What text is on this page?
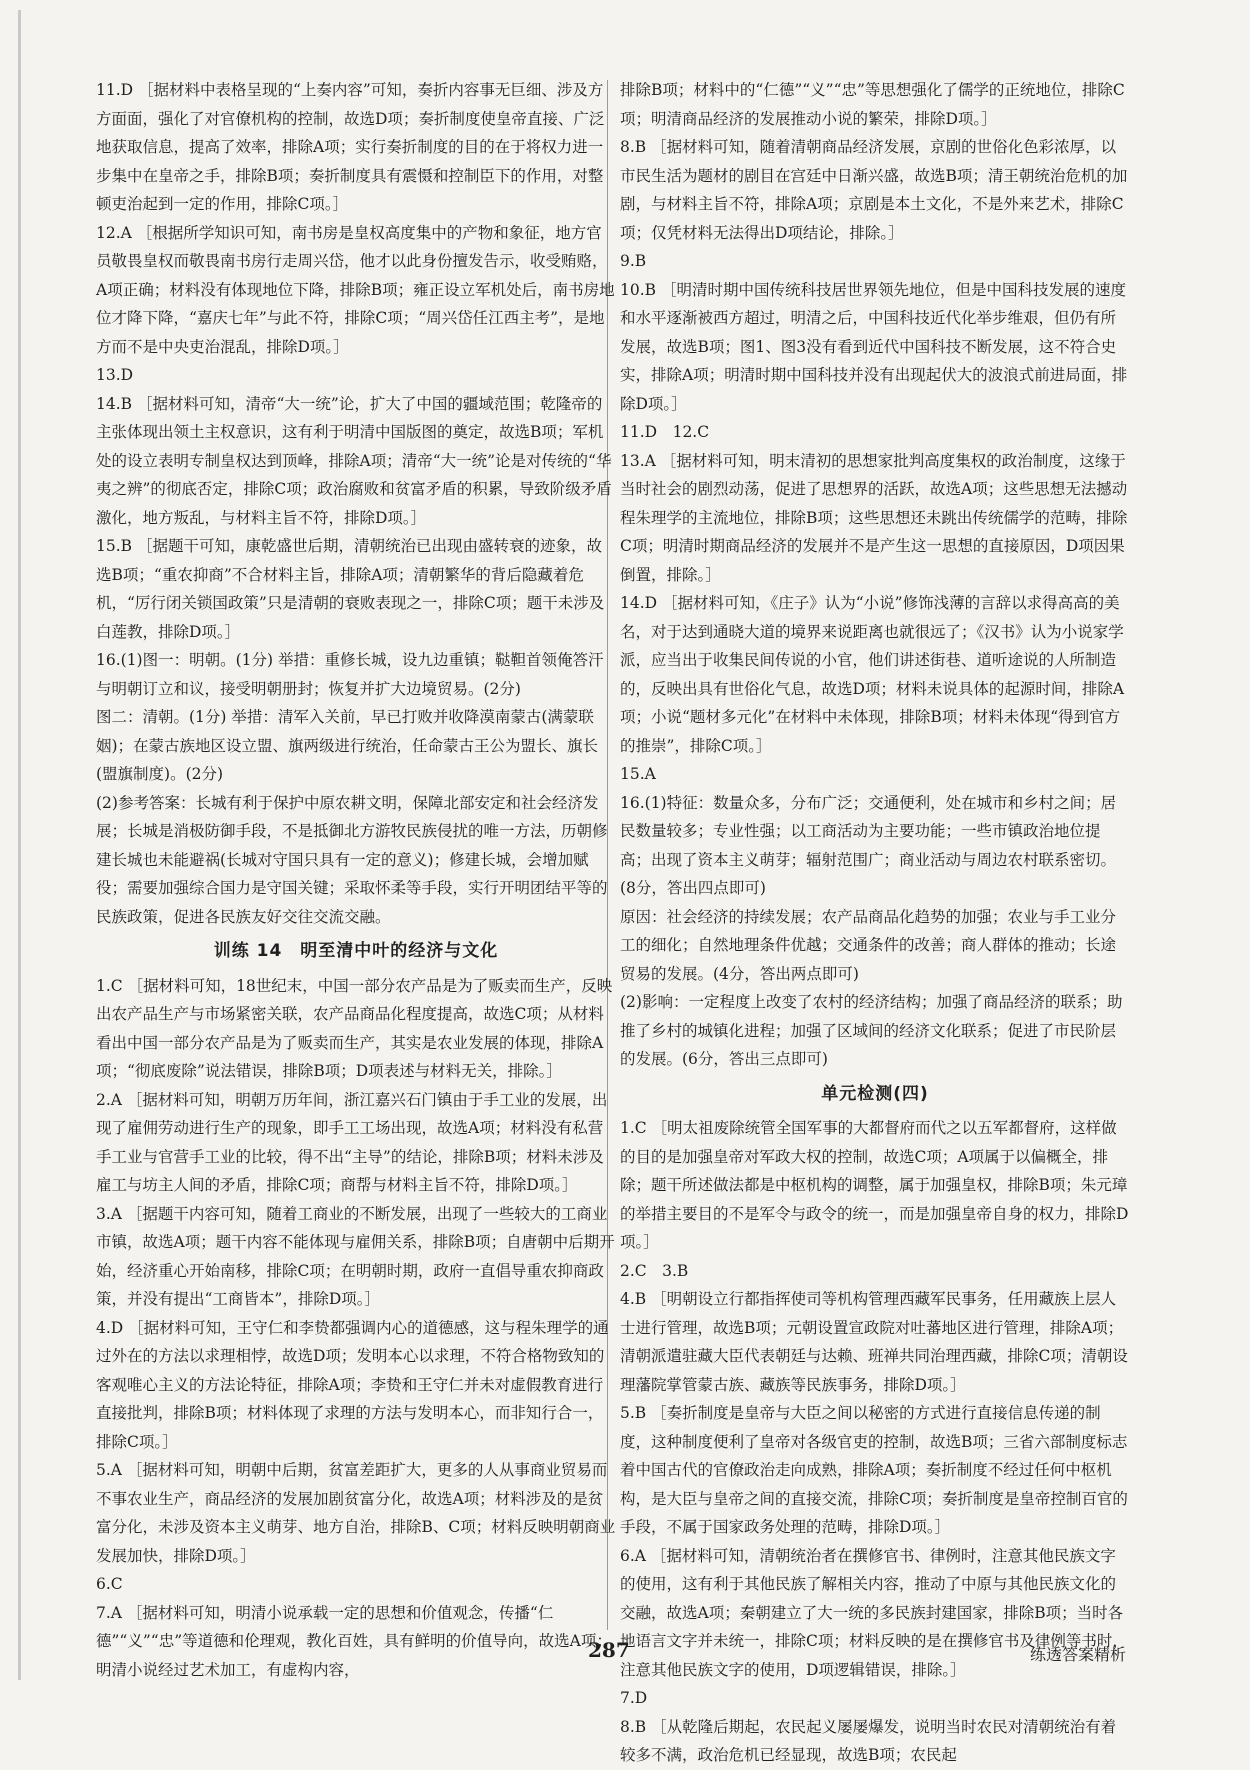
11.D ［据材料中表格呈现的“上奏内容”可知，奏折内容事无巨细、涉及方方面面，强化了对官僚机构的控制，故选D项；奏折制度使皇帝直接、广泛地获取信息，提高了效率，排除A项；实行奏折制度的目的在于将权力进一步集中在皇帝之手，排除B项；奏折制度具有震慑和控制臣下的作用，对整顿吏治起到一定的作用，排除C项。］
12.A ［根据所学知识可知，南书房是皇权高度集中的产物和象征，地方官员敬畏皇权而敬畏南书房行走周兴岱，他才以此身份擅发告示，收受贿赂，A项正确；材料没有体现地位下降，排除B项；雍正设立军机处后，南书房地位才降下降，“嘉庆七年”与此不符，排除C项；“周兴岱任江西主考”，是地方而不是中央吏治混乱，排除D项。］
13.D
14.B ［据材料可知，清帝“大一统”论，扩大了中国的疆域范围；乾隆帝的主张体现出领土主权意识，这有利于明清中国版图的奠定，故选B项；军机处的设立表明专制皇权达到顶峰，排除A项；清帝“大一统”论是对传统的“华夷之辨”的彻底否定，排除C项；政治腐败和贫富矛盾的积累，导致阶级矛盾激化，地方叛乱，与材料主旨不符，排除D项。］
15.B ［据题干可知，康乾盛世后期，清朝统治已出现由盛转衰的迹象，故选B项；“重农抑商”不合材料主旨，排除A项；清朝繁华的背后隐藏着危机，“厉行闭关锁国政策”只是清朝的衰败表现之一，排除C项；题干未涉及白莲教，排除D项。］
16.(1)图一：明朝。(1分) 举措：重修长城，设九边重镇；鞑靼首领俺答汗与明朝订立和议，接受明朝册封；恢复并扩大边境贸易。(2分)
图二：清朝。(1分) 举措：清军入关前，早已打败并收降漠南蒙古(满蒙联姻)；在蒙古族地区设立盟、旗两级进行统治，任命蒙古王公为盟长、旗长(盟旗制度)。(2分)
(2)参考答案：长城有利于保护中原农耕文明，保障北部安定和社会经济发展；长城是消极防御手段，不是抵御北方游牧民族侵扰的唯一方法，历朝修建长城也未能避祸(长城对守国只具有一定的意义)；修建长城，会增加赋役；需要加强综合国力是守国关键；采取怀柔等手段，实行开明团结平等的民族政策，促进各民族友好交往交流交融。
训练 14　明至清中叶的经济与文化
1.C ［据材料可知，18世纪末，中国一部分农产品是为了贩卖而生产，反映出农产品生产与市场紧密关联，农产品商品化程度提高，故选C项；从材料看出中国一部分农产品是为了贩卖而生产，其实是农业发展的体现，排除A项；“彻底废除”说法错误，排除B项；D项表述与材料无关，排除。］
2.A ［据材料可知，明朝万历年间，浙江嘉兴石门镇由于手工业的发展，出现了雇佣劳动进行生产的现象，即手工工场出现，故选A项；材料没有私营手工业与官营手工业的比较，得不出“主导”的结论，排除B项；材料未涉及雇工与坊主人间的矛盾，排除C项；商帮与材料主旨不符，排除D项。］
3.A ［据题干内容可知，随着工商业的不断发展，出现了一些较大的工商业市镇，故选A项；题干内容不能体现与雇佣关系，排除B项；自唐朝中后期开始，经济重心开始南移，排除C项；在明朝时期，政府一直倡导重农抑商政策，并没有提出“工商皆本”，排除D项。］
4.D ［据材料可知，王守仁和李贽都强调内心的道德感，这与程朱理学的通过外在的方法以求理相悖，故选D项；发明本心以求理，不符合格物致知的客观唯心主义的方法论特征，排除A项；李贽和王守仁并未对虚假教育进行直接批判，排除B项；材料体现了求理的方法与发明本心，而非知行合一，排除C项。］
5.A ［据材料可知，明朝中后期，贫富差距扩大，更多的人从事商业贸易而不事农业生产，商品经济的发展加剧贫富分化，故选A项；材料涉及的是贫富分化，未涉及资本主义萌芽、地方自治，排除B、C项；材料反映明朝商业发展加快，排除D项。］
6.C
7.A ［据材料可知，明清小说承载一定的思想和价值观念，传播“仁德”“义”“忠”等道德和伦理观，教化百姓，具有鲜明的价值导向，故选A项；明清小说经过艺术加工，有虚构内容，
排除B项；材料中的“仁德”“义”“忠”等思想强化了儒学的正统地位，排除C项；明清商品经济的发展推动小说的繁荣，排除D项。］
8.B ［据材料可知，随着清朝商品经济发展，京剧的世俗化色彩浓厚，以市民生活为题材的剧目在宫廷中日渐兴盛，故选B项；清王朝统治危机的加剧，与材料主旨不符，排除A项；京剧是本土文化，不是外来艺术，排除C项；仅凭材料无法得出D项结论，排除。］
9.B
10.B ［明清时期中国传统科技居世界领先地位，但是中国科技发展的速度和水平逐渐被西方超过，明清之后，中国科技近代化举步维艰，但仍有所发展，故选B项；图1、图3没有看到近代中国科技不断发展，这不符合史实，排除A项；明清时期中国科技并没有出现起伏大的波浪式前进局面，排除D项。］
11.D　12.C
13.A ［据材料可知，明末清初的思想家批判高度集权的政治制度，这缘于当时社会的剧烈动荡，促进了思想界的活跃，故选A项；这些思想无法撼动程朱理学的主流地位，排除B项；这些思想还未跳出传统儒学的范畴，排除C项；明清时期商品经济的发展并不是产生这一思想的直接原因，D项因果倒置，排除。］
14.D ［据材料可知，《庄子》认为“小说”修饰浅薄的言辞以求得高高的美名，对于达到通晓大道的境界来说距离也就很远了；《汉书》认为小说家学派，应当出于收集民间传说的小官，他们讲述街巷、道听途说的人所制造的，反映出具有世俗化气息，故选D项；材料未说具体的起源时间，排除A项；小说“题材多元化”在材料中未体现，排除B项；材料未体现“得到官方的推崇”，排除C项。］
15.A
16.(1)特征：数量众多，分布广泛；交通便利，处在城市和乡村之间；居民数量较多；专业性强；以工商活动为主要功能；一些市镇政治地位提高；出现了资本主义萌芽；辐射范围广；商业活动与周边农村联系密切。(8分，答出四点即可)
原因：社会经济的持续发展；农产品商品化趋势的加强；农业与手工业分工的细化；自然地理条件优越；交通条件的改善；商人群体的推动；长途贸易的发展。(4分，答出两点即可)
(2)影响：一定程度上改变了农村的经济结构；加强了商品经济的联系；助推了乡村的城镇化进程；加强了区域间的经济文化联系；促进了市民阶层的发展。(6分，答出三点即可)
单元检测(四)
1.C ［明太祖废除统管全国军事的大都督府而代之以五军都督府，这样做的目的是加强皇帝对军政大权的控制，故选C项；A项属于以偏概全，排除；题干所述做法都是中枢机构的调整，属于加强皇权，排除B项；朱元璋的举措主要目的不是军令与政令的统一，而是加强皇帝自身的权力，排除D项。］
2.C　3.B
4.B ［明朝设立行都指挥使司等机构管理西藏军民事务，任用藏族上层人士进行管理，故选B项；元朝设置宣政院对吐蕃地区进行管理，排除A项；清朝派遣驻藏大臣代表朝廷与达赖、班禅共同治理西藏，排除C项；清朝设理藩院掌管蒙古族、藏族等民族事务，排除D项。］
5.B ［奏折制度是皇帝与大臣之间以秘密的方式进行直接信息传递的制度，这种制度便利了皇帝对各级官吏的控制，故选B项；三省六部制度标志着中国古代的官僚政治走向成熟，排除A项；奏折制度不经过任何中枢机构，是大臣与皇帝之间的直接交流，排除C项；奏折制度是皇帝控制百官的手段，不属于国家政务处理的范畴，排除D项。］
6.A ［据材料可知，清朝统治者在撰修官书、律例时，注意其他民族文字的使用，这有利于其他民族了解相关内容，推动了中原与其他民族文化的交融，故选A项；秦朝建立了大一统的多民族封建国家，排除B项；当时各地语言文字并未统一，排除C项；材料反映的是在撰修官书及律例等书时，注意其他民族文字的使用，D项逻辑错误，排除。］
7.D
8.B ［从乾隆后期起，农民起义屡屡爆发，说明当时农民对清朝统治有着较多不满，政治危机已经显现，故选B项；农民起
287	练透答案精析
